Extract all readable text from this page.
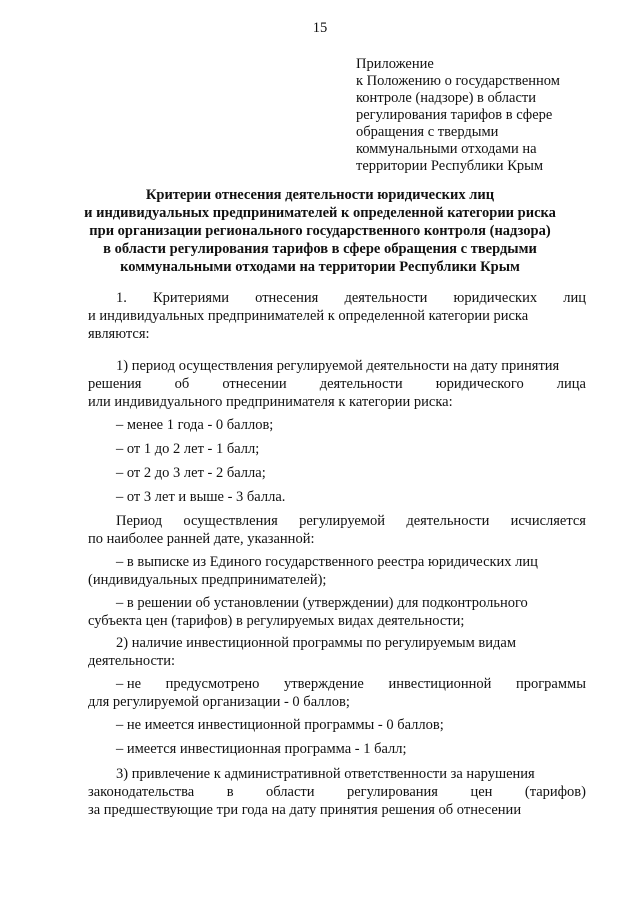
15
Приложение
к Положению о государственном
контроле (надзоре) в области
регулирования тарифов в сфере
обращения с твердыми
коммунальными отходами на
территории Республики Крым
Критерии отнесения деятельности юридических лиц
и индивидуальных предпринимателей к определенной категории риска
при организации регионального государственного контроля (надзора)
в области регулирования тарифов в сфере обращения с твердыми
коммунальными отходами на территории Республики Крым
1. Критериями отнесения деятельности юридических лиц
и индивидуальных предпринимателей к определенной категории риска
являются:
1) период осуществления регулируемой деятельности на дату принятия
решения об отнесении деятельности юридического лица
или индивидуального предпринимателя к категории риска:
– менее 1 года - 0 баллов;
– от 1 до 2 лет - 1 балл;
– от 2 до 3 лет - 2 балла;
– от 3 лет и выше - 3 балла.
Период осуществления регулируемой деятельности исчисляется
по наиболее ранней дате, указанной:
– в выписке из Единого государственного реестра юридических лиц
(индивидуальных предпринимателей);
– в решении об установлении (утверждении) для подконтрольного
субъекта цен (тарифов) в регулируемых видах деятельности;
2) наличие инвестиционной программы по регулируемым видам
деятельности:
– не предусмотрено утверждение инвестиционной программы
для регулируемой организации - 0 баллов;
– не имеется инвестиционной программы - 0 баллов;
– имеется инвестиционная программа - 1 балл;
3) привлечение к административной ответственности за нарушения
законодательства в области регулирования цен (тарифов)
за предшествующие три года на дату принятия решения об отнесении
